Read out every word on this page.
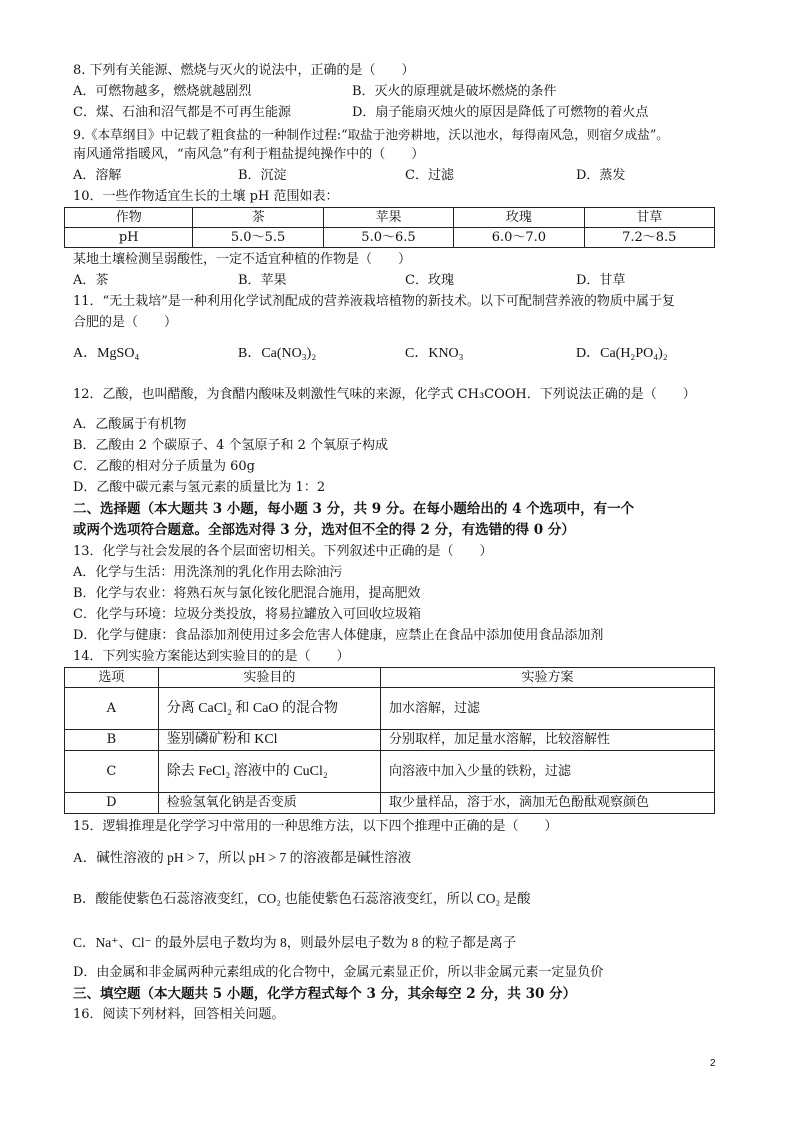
8. 下列有关能源、燃烧与灭火的说法中，正确的是（　　）
A．可燃物越多，燃烧就越剧烈	B．灭火的原理就是破坏燃烧的条件
C．煤、石油和沼气都是不可再生能源	D．扇子能扇灭烛火的原因是降低了可燃物的着火点
9.《本草纲目》中记载了粗食盐的一种制作过程:“取盐于池旁耕地，沃以池水，每得南风急，则宿夕成盐”。
南风通常指暖风，“南风急”有利于粗盐提纯操作中的（　　）
A．溶解	B．沉淀	C．过滤	D．蒸发
10．一些作物适宜生长的土壤 pH 范围如表：
作物	茶	苹果	玫瑰	甘草
pH	5.0～5.5	5.0～6.5	6.0～7.0	7.2～8.5
某地土壤检测呈弱酸性，一定不适宜种植的作物是（　　）
A．茶	B．苹果	C．玫瑰	D．甘草
11．“无土栽培”是一种利用化学试剂配成的营养液栽培植物的新技术。以下可配制营养液的物质中属于复
合肥的是（　　）
A．MgSO₄	B．Ca(NO₃)₂	C．KNO₃	D．Ca(H₂PO₄)₂
12．乙酸，也叫醋酸，为食醋内酸味及刺激性气味的来源，化学式 CH₃COOH．下列说法正确的是（　　）
A．乙酸属于有机物
B．乙酸由 2 个碳原子、4 个氢原子和 2 个氧原子构成
C．乙酸的相对分子质量为 60g
D．乙酸中碳元素与氢元素的质量比为 1：2
二、选择题（本大题共 3 小题，每小题 3 分，共 9 分。在每小题给出的 4 个选项中，有一个
或两个选项符合题意。全部选对得 3 分，选对但不全的得 2 分，有选错的得 0 分）
13．化学与社会发展的各个层面密切相关。下列叙述中正确的是（　　）
A．化学与生活：用洗涤剂的乳化作用去除油污
B．化学与农业：将熟石灰与氯化铵化肥混合施用，提高肥效
C．化学与环境：垃圾分类投放，将易拉罐放入可回收垃圾箱
D．化学与健康：食品添加剂使用过多会危害人体健康，应禁止在食品中添加使用食品添加剂
14．下列实验方案能达到实验目的的是（　　）
选项	实验目的	实验方案
A	分离 CaCl₂ 和 CaO 的混合物	加水溶解，过滤
B	鉴别磷矿粉和 KCl	分别取样，加足量水溶解，比较溶解性
C	除去 FeCl₂ 溶液中的 CuCl₂	向溶液中加入少量的铁粉，过滤
D	检验氢氧化钠是否变质	取少量样品，溶于水，滴加无色酚酞观察颜色
15．逻辑推理是化学学习中常用的一种思维方法，以下四个推理中正确的是（　　）
A．碱性溶液的 pH > 7，所以 pH > 7 的溶液都是碱性溶液
B．酸能使紫色石蕊溶液变红，CO₂ 也能使紫色石蕊溶液变红，所以 CO₂ 是酸
C．Na⁺、Cl⁻ 的最外层电子数均为 8，则最外层电子数为 8 的粒子都是离子
D．由金属和非金属两种元素组成的化合物中，金属元素显正价，所以非金属元素一定显负价
三、填空题（本大题共 5 小题，化学方程式每个 3 分，其余每空 2 分，共 30 分）
16．阅读下列材料，回答相关问题。
2
